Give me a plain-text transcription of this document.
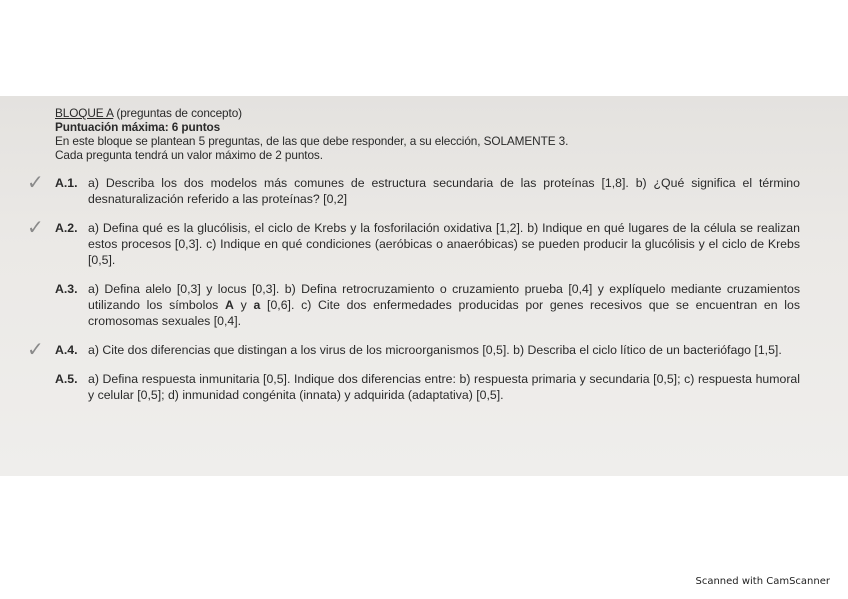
BLOQUE A (preguntas de concepto)
Puntuación máxima: 6 puntos
En este bloque se plantean 5 preguntas, de las que debe responder, a su elección, SOLAMENTE 3.
Cada pregunta tendrá un valor máximo de 2 puntos.
✓ A.1. a) Describa los dos modelos más comunes de estructura secundaria de las proteínas [1,8]. b) ¿Qué significa el término desnaturalización referido a las proteínas? [0,2]
✓ A.2. a) Defina qué es la glucólisis, el ciclo de Krebs y la fosforilación oxidativa [1,2]. b) Indique en qué lugares de la célula se realizan estos procesos [0,3]. c) Indique en qué condiciones (aeróbicas o anaeróbicas) se pueden producir la glucólisis y el ciclo de Krebs [0,5].
A.3. a) Defina alelo [0,3] y locus [0,3]. b) Defina retrocruzamiento o cruzamiento prueba [0,4] y explíquelo mediante cruzamientos utilizando los símbolos A y a [0,6]. c) Cite dos enfermedades producidas por genes recesivos que se encuentran en los cromosomas sexuales [0,4].
✓ A.4. a) Cite dos diferencias que distingan a los virus de los microorganismos [0,5]. b) Describa el ciclo lítico de un bacteriófago [1,5].
A.5. a) Defina respuesta inmunitaria [0,5]. Indique dos diferencias entre: b) respuesta primaria y secundaria [0,5]; c) respuesta humoral y celular [0,5]; d) inmunidad congénita (innata) y adquirida (adaptativa) [0,5].
Scanned with CamScanner
